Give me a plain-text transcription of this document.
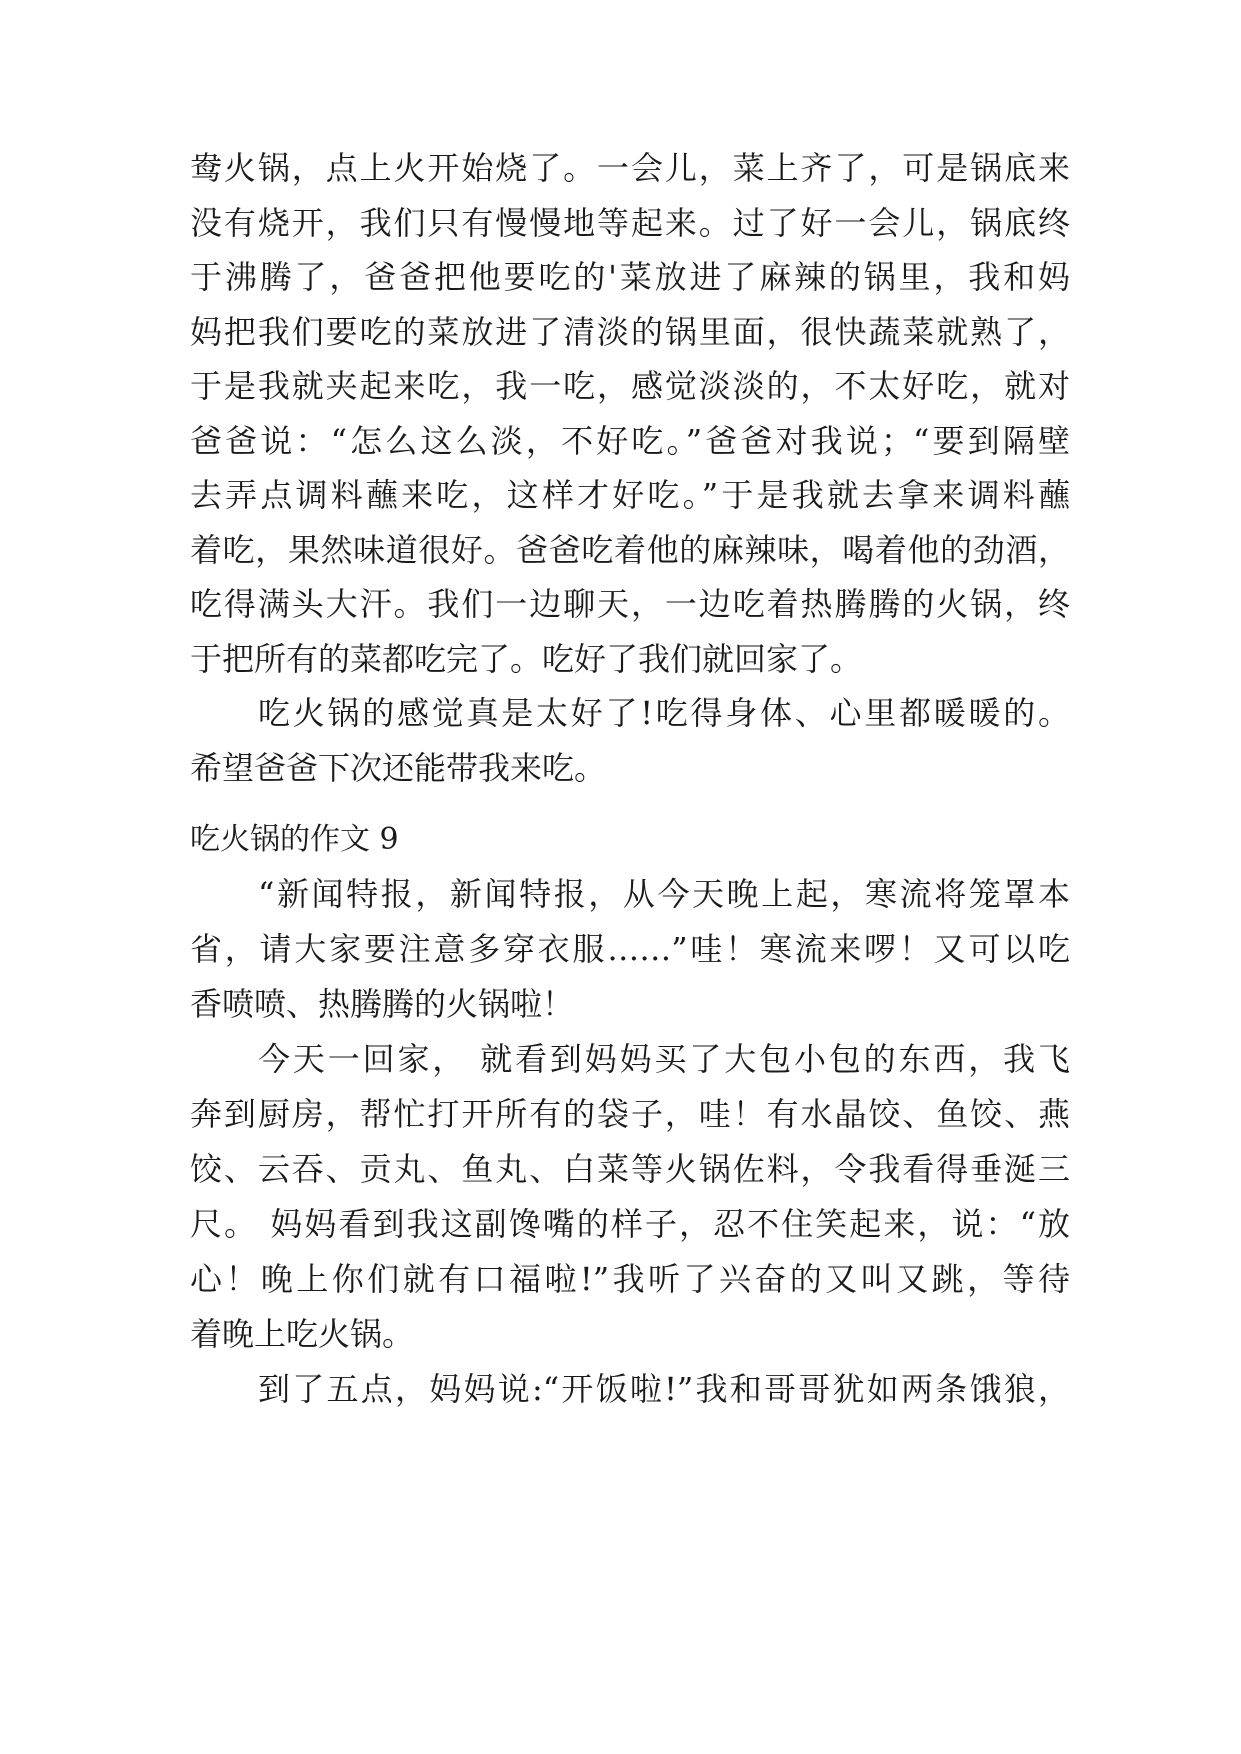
鸯火锅，点上火开始烧了。一会儿，菜上齐了，可是锅底来
没有烧开，我们只有慢慢地等起来。过了好一会儿，锅底终
于沸腾了，爸爸把他要吃的'菜放进了麻辣的锅里，我和妈
妈把我们要吃的菜放进了清淡的锅里面，很快蔬菜就熟了，
于是我就夹起来吃，我一吃，感觉淡淡的，不太好吃，就对
爸爸说：“怎么这么淡，不好吃。”爸爸对我说；“要到隔壁
去弄点调料蘸来吃，这样才好吃。”于是我就去拿来调料蘸
着吃，果然味道很好。爸爸吃着他的麻辣味，喝着他的劲酒，
吃得满头大汗。我们一边聊天，一边吃着热腾腾的火锅，终
于把所有的菜都吃完了。吃好了我们就回家了。
吃火锅的感觉真是太好了!吃得身体、心里都暖暖的。
希望爸爸下次还能带我来吃。
吃火锅的作文 9
“新闻特报，新闻特报，从今天晚上起，寒流将笼罩本
省，请大家要注意多穿衣服……”哇！寒流来啰！又可以吃
香喷喷、热腾腾的火锅啦！
今天一回家， 就看到妈妈买了大包小包的东西，我飞
奔到厨房，帮忙打开所有的袋子，哇！有水晶饺、鱼饺、燕
饺、云吞、贡丸、鱼丸、白菜等火锅佐料，令我看得垂涎三
尺。 妈妈看到我这副馋嘴的样子，忍不住笑起来，说：“放
心！晚上你们就有口福啦!”我听了兴奋的又叫又跳，等待
着晚上吃火锅。
到了五点，妈妈说:“开饭啦!”我和哥哥犹如两条饿狼，
